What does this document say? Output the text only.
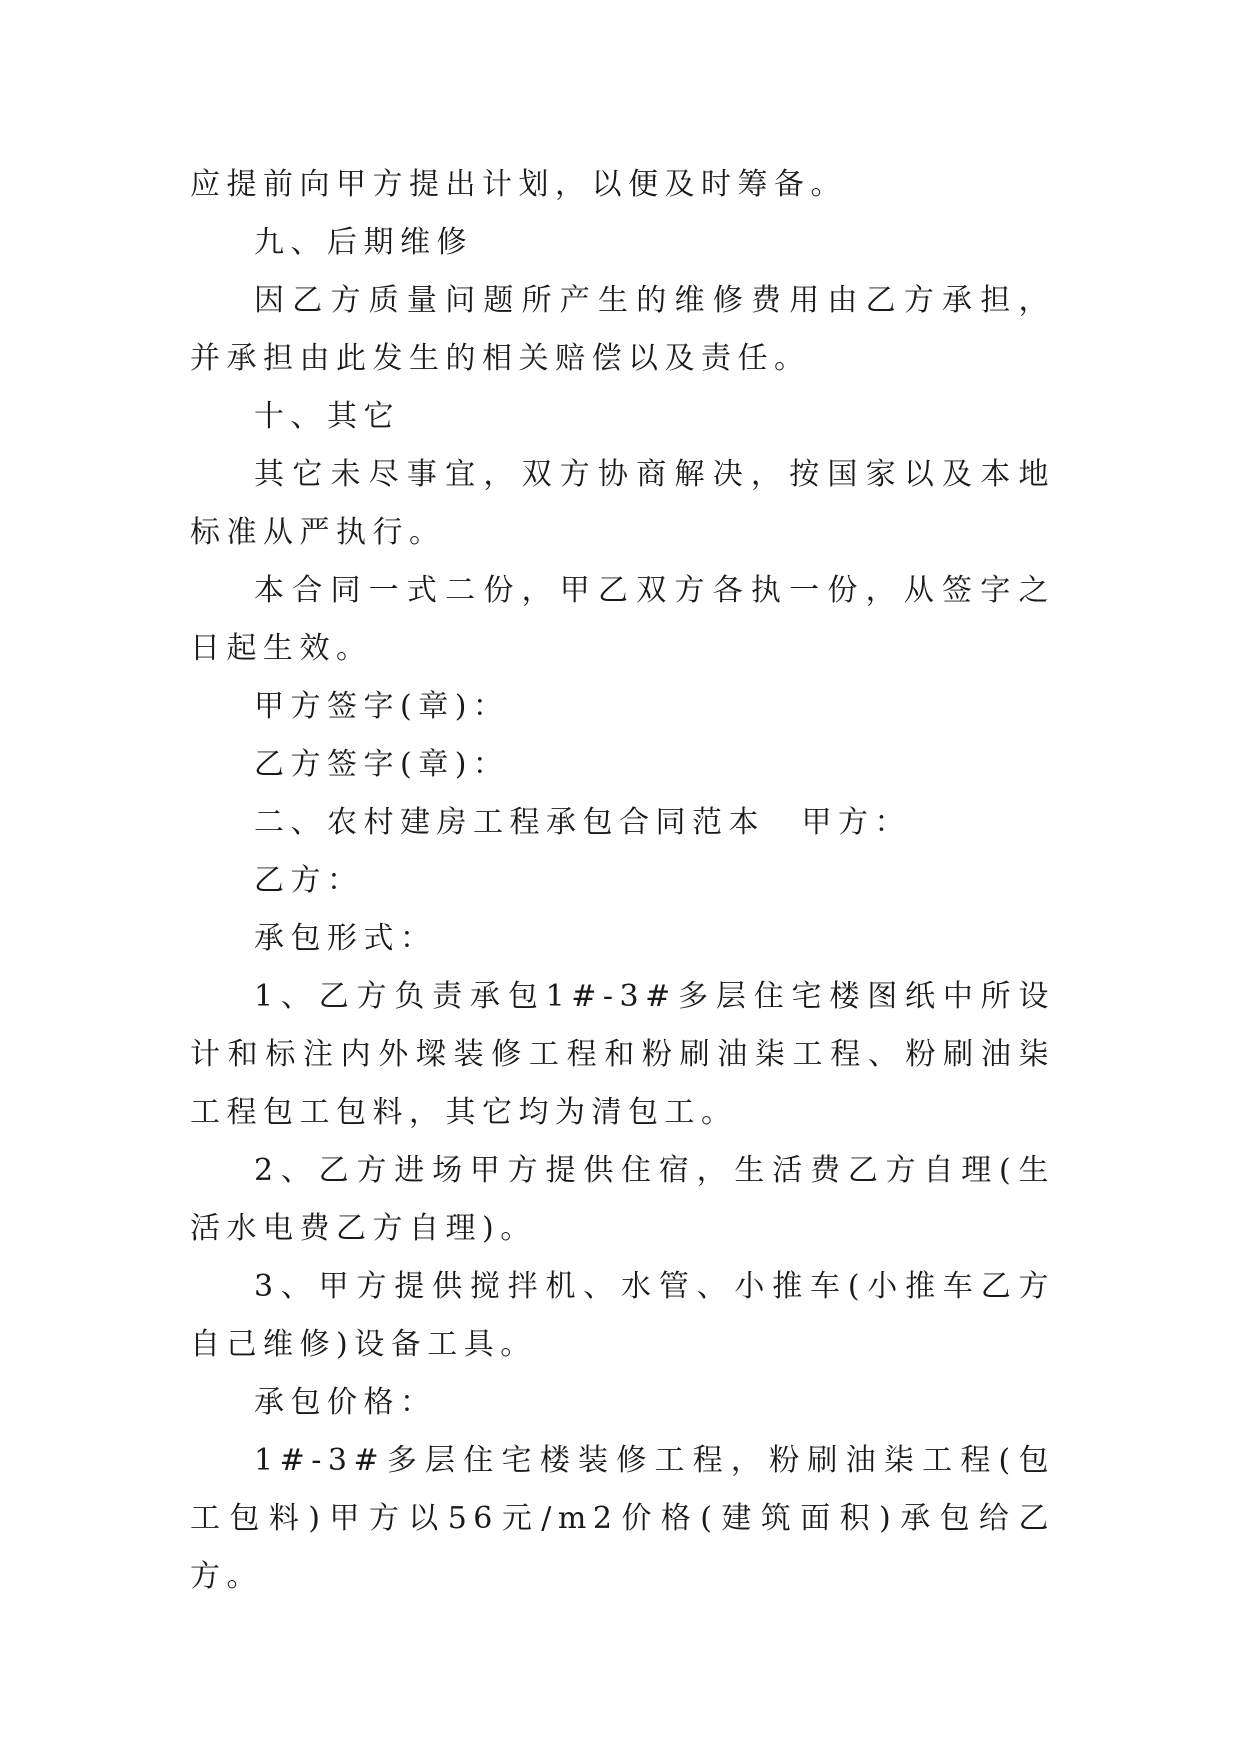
应提前向甲方提出计划，以便及时筹备。

九、后期维修

因乙方质量问题所产生的维修费用由乙方承担，并承担由此发生的相关赔偿以及责任。

十、其它

其它未尽事宜，双方协商解决，按国家以及本地标准从严执行。

本合同一式二份，甲乙双方各执一份，从签字之日起生效。

甲方签字(章)：

乙方签字(章)：

二、农村建房工程承包合同范本　甲方：

乙方：

承包形式：

1、乙方负责承包1#-3#多层住宅楼图纸中所设计和标注内外墚装修工程和粉刷油柒工程、粉刷油柒工程包工包料，其它均为清包工。

2、乙方进场甲方提供住宿，生活费乙方自理(生活水电费乙方自理)。

3、甲方提供搅拌机、水管、小推车(小推车乙方自己维修)设备工具。

承包价格：

1#-3#多层住宅楼装修工程，粉刷油柒工程(包工包料)甲方以56元/m2价格(建筑面积)承包给乙方。
